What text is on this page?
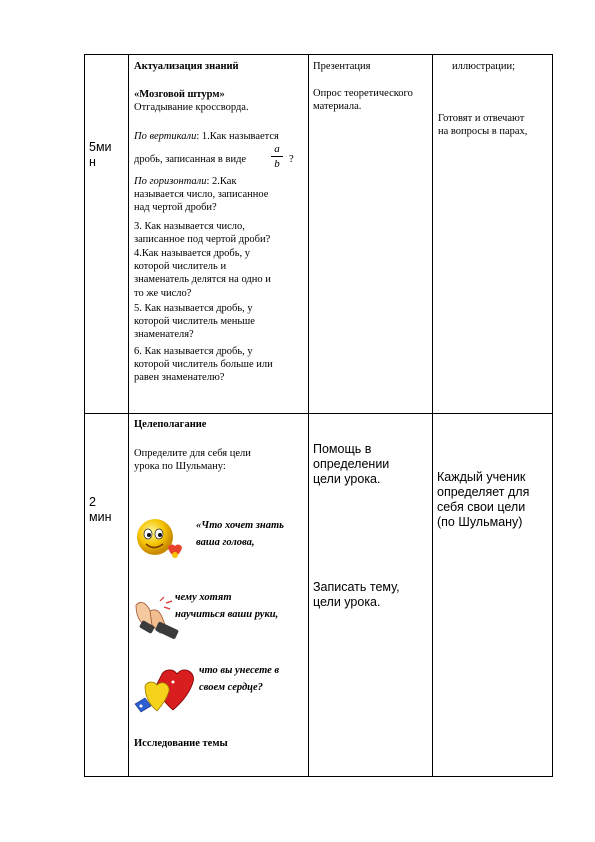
5ми
н
Актуализация знаний
«Мозговой штурм»
Отгадывание кроссворда.
По вертикали: 1.Как называется
дробь, записанная в виде
a
b ?
По горизонтали: 2.Как
называется число, записанное
над чертой дроби?
3. Как называется число,
записанное под чертой дроби?
4.Как называется дробь, у
которой числитель и
знаменатель делятся на одно и
то же число?
5. Как называется дробь, у
которой числитель меньше
знаменателя?
6. Как называется дробь, у
которой числитель больше или
равен знаменателю?
Презентация
Опрос теоретического
материала.
иллюстрации;
Готовят и отвечают
на вопросы в парах,
2
мин
Целеполагание
Определите для себя цели
урока по Шульману:
«Что хочет знать
ваша голова,
чему хотят
научиться ваши руки,
что вы унесете в
своем сердце?
Исследование темы
Помощь в
определении
цели урока.
Записать тему,
цели урока.
Каждый ученик
определяет для
себя свои цели
(по Шульману)
